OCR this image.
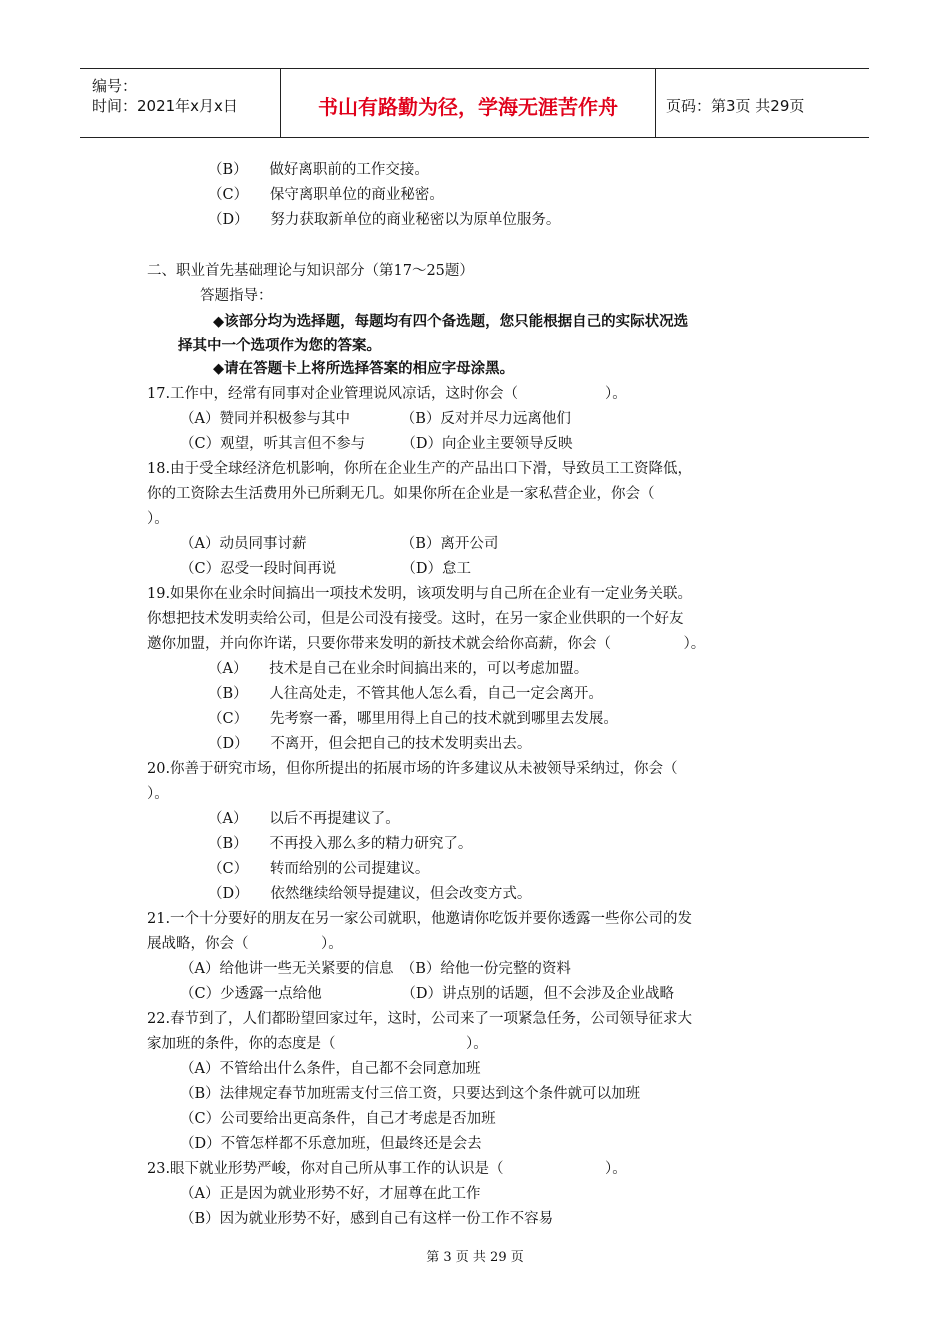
编号：
时间：2021年x月x日	书山有路勤为径，学海无涯苦作舟	页码：第3页 共29页
（B）　　做好离职前的工作交接。
（C）　　保守离职单位的商业秘密。
（D）　　努力获取新单位的商业秘密以为原单位服务。
二、职业首先基础理论与知识部分（第17～25题）
答题指导：
◆该部分均为选择题，每题均有四个备选题，您只能根据自己的实际状况选
择其中一个选项作为您的答案。
◆请在答题卡上将所选择答案的相应字母涂黑。
17.工作中，经常有同事对企业管理说风凉话，这时你会（　　　　　　）。
（A）赞同并积极参与其中　　　　（B）反对并尽力远离他们
（C）观望，听其言但不参与　　　（D）向企业主要领导反映
18.由于受全球经济危机影响，你所在企业生产的产品出口下滑，导致员工工资降低，
你的工资除去生活费用外已所剩无几。如果你所在企业是一家私营企业，你会（
）。
（A）动员同事讨薪　　　　　　　（B）离开公司
（C）忍受一段时间再说　　　　　（D）怠工
19.如果你在业余时间搞出一项技术发明，该项发明与自己所在企业有一定业务关联。
你想把技术发明卖给公司，但是公司没有接受。这时，在另一家企业供职的一个好友
邀你加盟，并向你许诺，只要你带来发明的新技术就会给你高薪，你会（　　　　　）。
（A）　　技术是自己在业余时间搞出来的，可以考虑加盟。
（B）　　人往高处走，不管其他人怎么看，自己一定会离开。
（C）　　先考察一番，哪里用得上自己的技术就到哪里去发展。
（D）　　不离开，但会把自己的技术发明卖出去。
20.你善于研究市场，但你所提出的拓展市场的许多建议从未被领导采纳过，你会（
）。
（A）　　以后不再提建议了。
（B）　　不再投入那么多的精力研究了。
（C）　　转而给别的公司提建议。
（D）　　依然继续给领导提建议，但会改变方式。
21.一个十分要好的朋友在另一家公司就职，他邀请你吃饭并要你透露一些你公司的发
展战略，你会（　　　　　）。
（A）给他讲一些无关紧要的信息　（B）给他一份完整的资料
（C）少透露一点给他　　　　　　（D）讲点别的话题，但不会涉及企业战略
22.春节到了，人们都盼望回家过年，这时，公司来了一项紧急任务，公司领导征求大
家加班的条件，你的态度是（　　　　　　　　　）。
（A）不管给出什么条件，自己都不会同意加班
（B）法律规定春节加班需支付三倍工资，只要达到这个条件就可以加班
（C）公司要给出更高条件，自己才考虑是否加班
（D）不管怎样都不乐意加班，但最终还是会去
23.眼下就业形势严峻，你对自己所从事工作的认识是（　　　　　　　）。
（A）正是因为就业形势不好，才屈尊在此工作
（B）因为就业形势不好，感到自己有这样一份工作不容易
第 3 页 共 29 页
